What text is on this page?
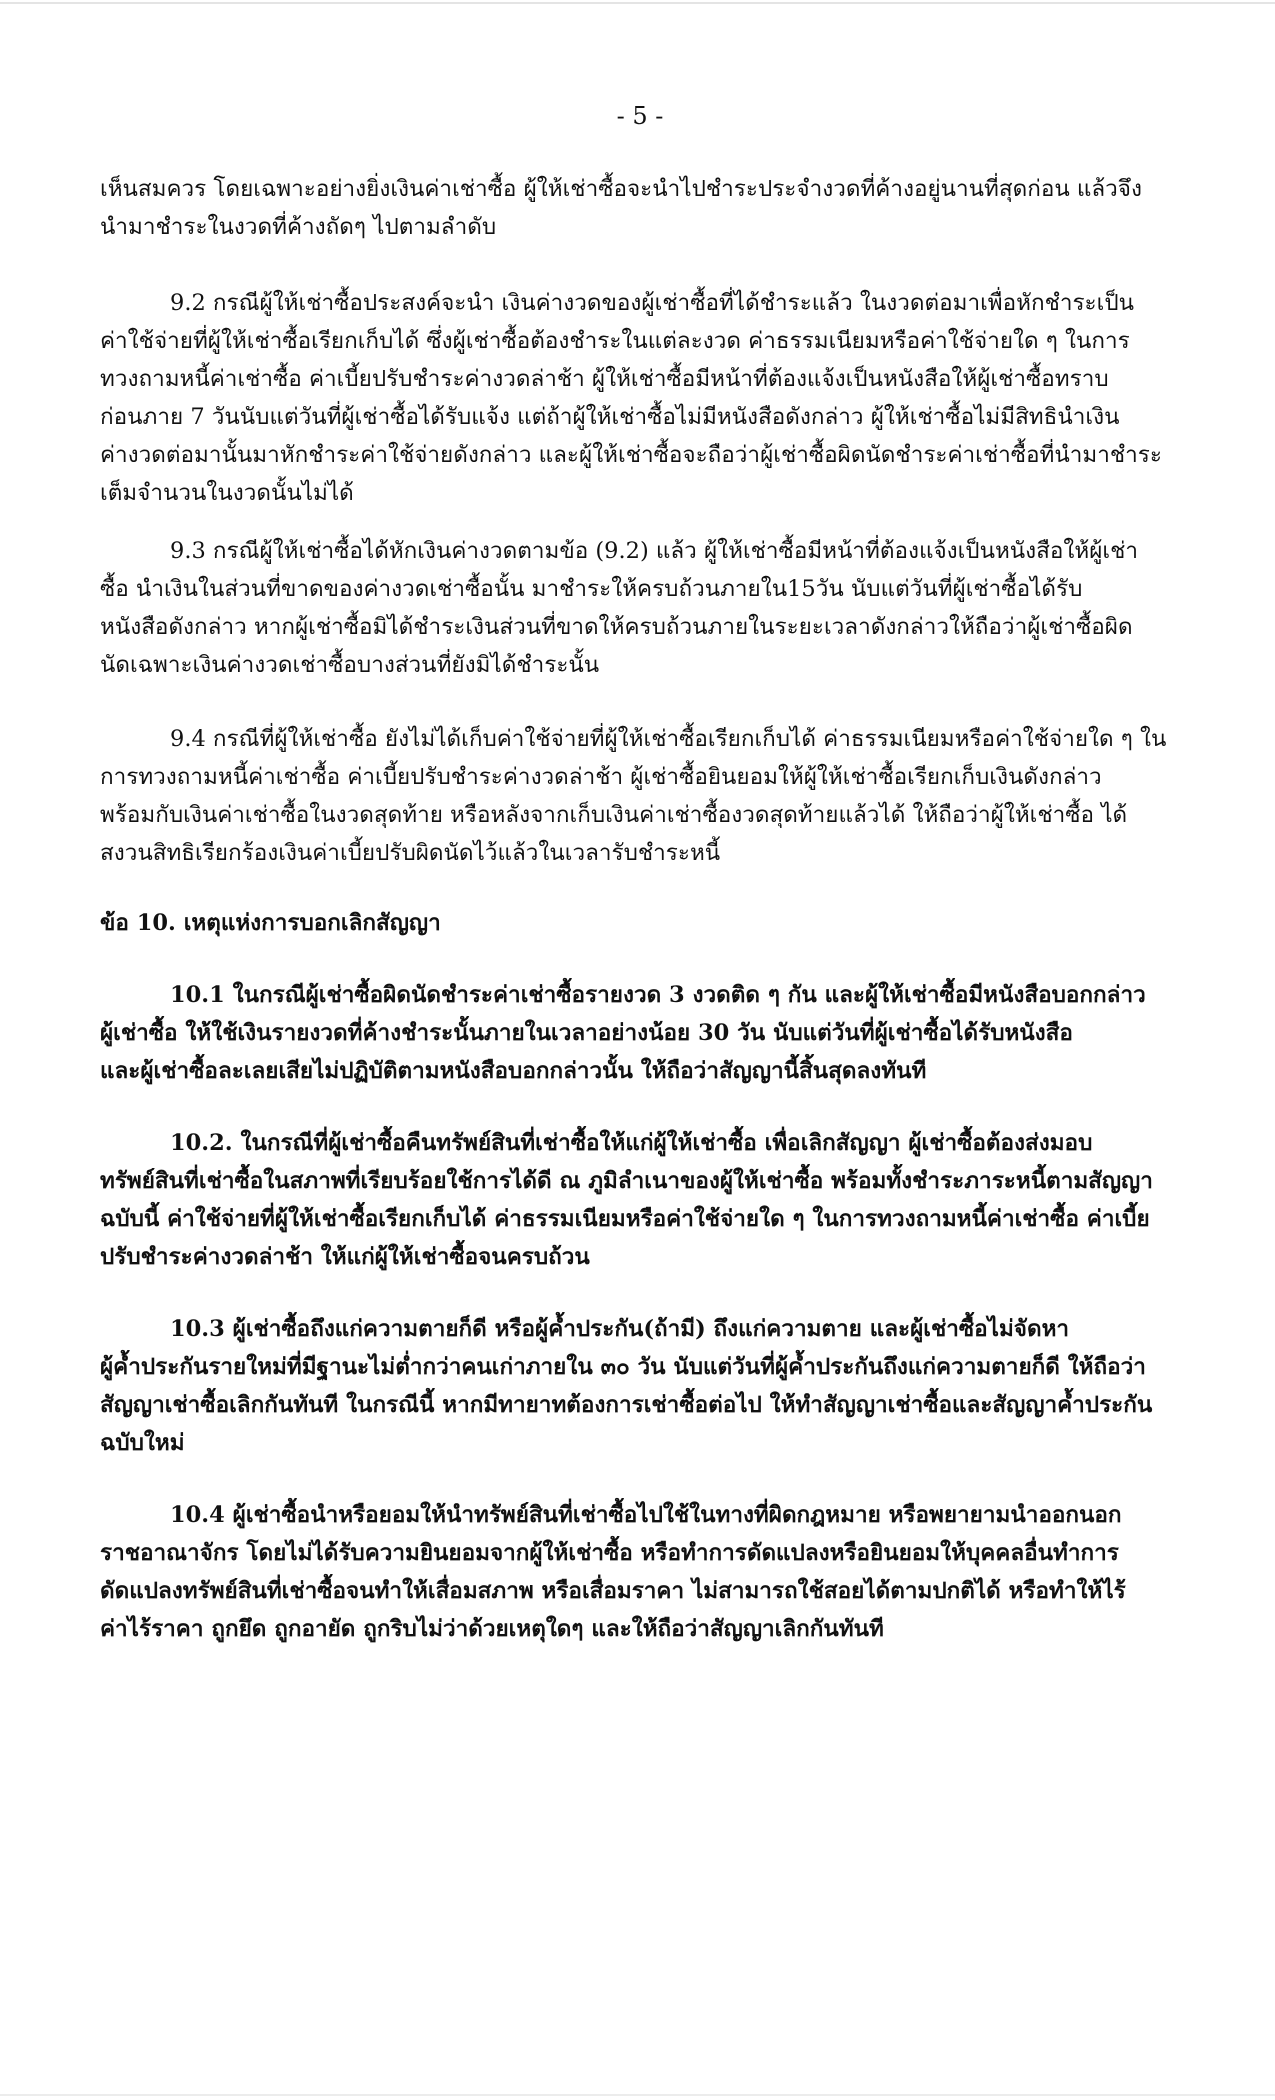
- 5 -

เห็นสมควร โดยเฉพาะอย่างยิ่งเงินค่าเช่าซื้อ ผู้ให้เช่าซื้อจะนำไปชำระประจำงวดที่ค้างอยู่นานที่สุดก่อน แล้วจึง
นำมาชำระในงวดที่ค้างถัดๆ ไปตามลำดับ

9.2 กรณีผู้ให้เช่าซื้อประสงค์จะนำ เงินค่างวดของผู้เช่าซื้อที่ได้ชำระแล้ว ในงวดต่อมาเพื่อหักชำระเป็น
ค่าใช้จ่ายที่ผู้ให้เช่าซื้อเรียกเก็บได้ ซึ่งผู้เช่าซื้อต้องชำระในแต่ละงวด ค่าธรรมเนียมหรือค่าใช้จ่ายใด ๆ ในการ
ทวงถามหนี้ค่าเช่าซื้อ ค่าเบี้ยปรับชำระค่างวดล่าช้า ผู้ให้เช่าซื้อมีหน้าที่ต้องแจ้งเป็นหนังสือให้ผู้เช่าซื้อทราบ
ก่อนภาย 7 วันนับแต่วันที่ผู้เช่าซื้อได้รับแจ้ง แต่ถ้าผู้ให้เช่าซื้อไม่มีหนังสือดังกล่าว ผู้ให้เช่าซื้อไม่มีสิทธินำเงิน
ค่างวดต่อมานั้นมาหักชำระค่าใช้จ่ายดังกล่าว และผู้ให้เช่าซื้อจะถือว่าผู้เช่าซื้อผิดนัดชำระค่าเช่าซื้อที่นำมาชำระ
เต็มจำนวนในงวดนั้นไม่ได้

9.3 กรณีผู้ให้เช่าซื้อได้หักเงินค่างวดตามข้อ (9.2) แล้ว ผู้ให้เช่าซื้อมีหน้าที่ต้องแจ้งเป็นหนังสือให้ผู้เช่า
ซื้อ นำเงินในส่วนที่ขาดของค่างวดเช่าซื้อนั้น มาชำระให้ครบถ้วนภายใน15วัน นับแต่วันที่ผู้เช่าซื้อได้รับ
หนังสือดังกล่าว หากผู้เช่าซื้อมิได้ชำระเงินส่วนที่ขาดให้ครบถ้วนภายในระยะเวลาดังกล่าวให้ถือว่าผู้เช่าซื้อผิด
นัดเฉพาะเงินค่างวดเช่าซื้อบางส่วนที่ยังมิได้ชำระนั้น

9.4 กรณีที่ผู้ให้เช่าซื้อ ยังไม่ได้เก็บค่าใช้จ่ายที่ผู้ให้เช่าซื้อเรียกเก็บได้ ค่าธรรมเนียมหรือค่าใช้จ่ายใด ๆ ใน
การทวงถามหนี้ค่าเช่าซื้อ ค่าเบี้ยปรับชำระค่างวดล่าช้า ผู้เช่าซื้อยินยอมให้ผู้ให้เช่าซื้อเรียกเก็บเงินดังกล่าว
พร้อมกับเงินค่าเช่าซื้อในงวดสุดท้าย หรือหลังจากเก็บเงินค่าเช่าซื้องวดสุดท้ายแล้วได้ ให้ถือว่าผู้ให้เช่าซื้อ ได้
สงวนสิทธิเรียกร้องเงินค่าเบี้ยปรับผิดนัดไว้แล้วในเวลารับชำระหนี้

ข้อ 10. เหตุแห่งการบอกเลิกสัญญา

10.1 ในกรณีผู้เช่าซื้อผิดนัดชำระค่าเช่าซื้อรายงวด 3 งวดติด ๆ กัน และผู้ให้เช่าซื้อมีหนังสือบอกกล่าว
ผู้เช่าซื้อ ให้ใช้เงินรายงวดที่ค้างชำระนั้นภายในเวลาอย่างน้อย 30 วัน นับแต่วันที่ผู้เช่าซื้อได้รับหนังสือ
และผู้เช่าซื้อละเลยเสียไม่ปฏิบัติตามหนังสือบอกกล่าวนั้น ให้ถือว่าสัญญานี้สิ้นสุดลงทันที

10.2. ในกรณีที่ผู้เช่าซื้อคืนทรัพย์สินที่เช่าซื้อให้แก่ผู้ให้เช่าซื้อ เพื่อเลิกสัญญา ผู้เช่าซื้อต้องส่งมอบ
ทรัพย์สินที่เช่าซื้อในสภาพที่เรียบร้อยใช้การได้ดี ณ ภูมิลำเนาของผู้ให้เช่าซื้อ พร้อมทั้งชำระภาระหนี้ตามสัญญา
ฉบับนี้ ค่าใช้จ่ายที่ผู้ให้เช่าซื้อเรียกเก็บได้ ค่าธรรมเนียมหรือค่าใช้จ่ายใด ๆ ในการทวงถามหนี้ค่าเช่าซื้อ ค่าเบี้ย
ปรับชำระค่างวดล่าช้า ให้แก่ผู้ให้เช่าซื้อจนครบถ้วน

10.3 ผู้เช่าซื้อถึงแก่ความตายก็ดี หรือผู้ค้ำประกัน(ถ้ามี) ถึงแก่ความตาย และผู้เช่าซื้อไม่จัดหา
ผู้ค้ำประกันรายใหม่ที่มีฐานะไม่ต่ำกว่าคนเก่าภายใน ๓๐ วัน นับแต่วันที่ผู้ค้ำประกันถึงแก่ความตายก็ดี ให้ถือว่า
สัญญาเช่าซื้อเลิกกันทันที ในกรณีนี้ หากมีทายาทต้องการเช่าซื้อต่อไป ให้ทำสัญญาเช่าซื้อและสัญญาค้ำประกัน
ฉบับใหม่

10.4 ผู้เช่าซื้อนำหรือยอมให้นำทรัพย์สินที่เช่าซื้อไปใช้ในทางที่ผิดกฎหมาย หรือพยายามนำออกนอก
ราชอาณาจักร โดยไม่ได้รับความยินยอมจากผู้ให้เช่าซื้อ หรือทำการดัดแปลงหรือยินยอมให้บุคคลอื่นทำการ
ดัดแปลงทรัพย์สินที่เช่าซื้อจนทำให้เสื่อมสภาพ หรือเสื่อมราคา ไม่สามารถใช้สอยได้ตามปกติได้ หรือทำให้ไร้
ค่าไร้ราคา ถูกยึด ถูกอายัด ถูกริบไม่ว่าด้วยเหตุใดๆ และให้ถือว่าสัญญาเลิกกันทันที
